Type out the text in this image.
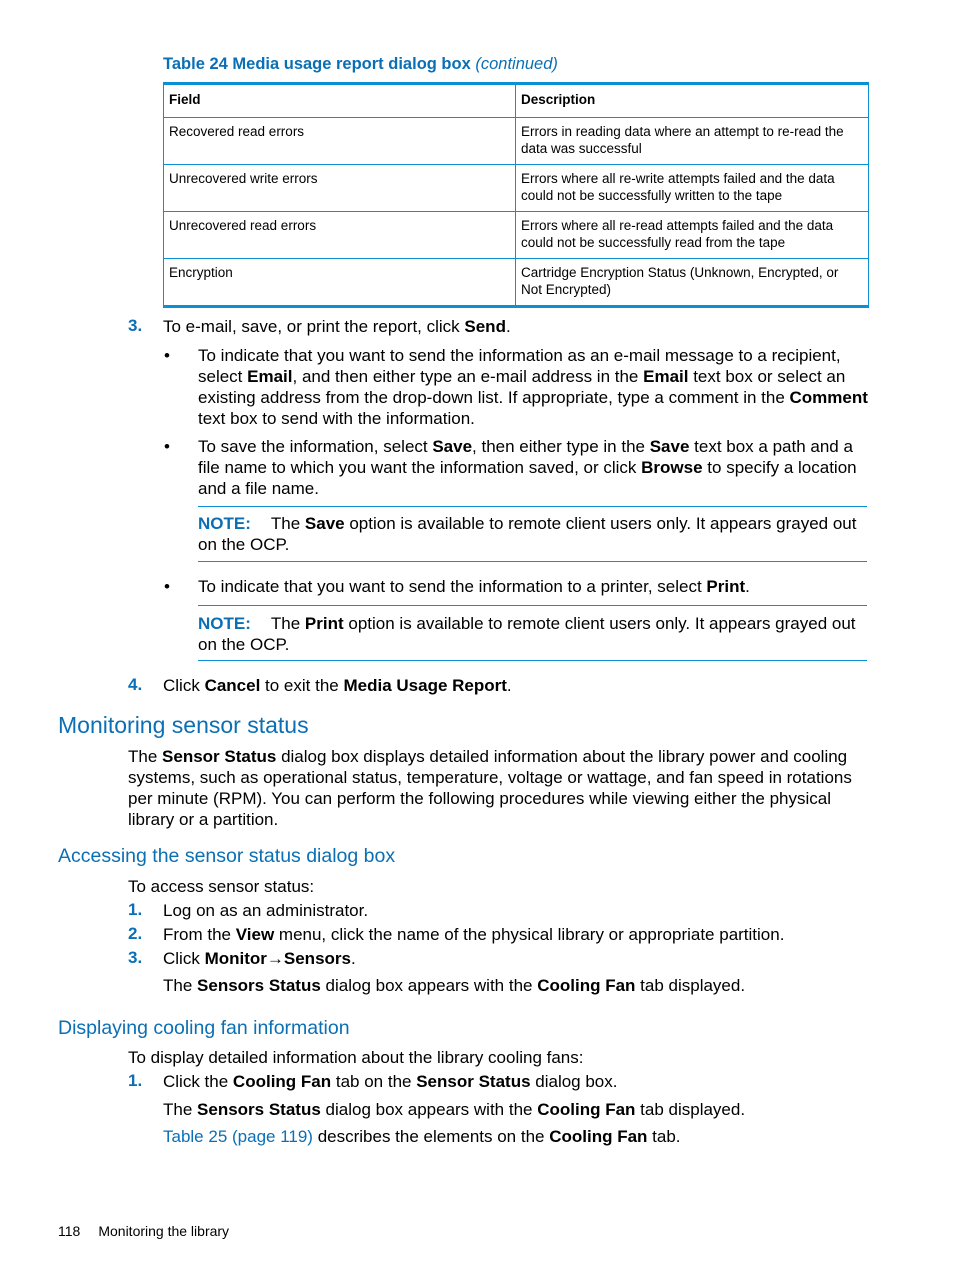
Table 24 Media usage report dialog box (continued)
Field	Description
Recovered read errors	Errors in reading data where an attempt to re-read the data was successful
Unrecovered write errors	Errors where all re-write attempts failed and the data could not be successfully written to the tape
Unrecovered read errors	Errors where all re-read attempts failed and the data could not be successfully read from the tape
Encryption	Cartridge Encryption Status (Unknown, Encrypted, or Not Encrypted)
3. To e-mail, save, or print the report, click Send.
• To indicate that you want to send the information as an e-mail message to a recipient, select Email, and then either type an e-mail address in the Email text box or select an existing address from the drop-down list. If appropriate, type a comment in the Comment text box to send with the information.
• To save the information, select Save, then either type in the Save text box a path and a file name to which you want the information saved, or click Browse to specify a location and a file name.
NOTE: The Save option is available to remote client users only. It appears grayed out on the OCP.
• To indicate that you want to send the information to a printer, select Print.
NOTE: The Print option is available to remote client users only. It appears grayed out on the OCP.
4. Click Cancel to exit the Media Usage Report.
Monitoring sensor status
The Sensor Status dialog box displays detailed information about the library power and cooling systems, such as operational status, temperature, voltage or wattage, and fan speed in rotations per minute (RPM). You can perform the following procedures while viewing either the physical library or a partition.
Accessing the sensor status dialog box
To access sensor status:
1. Log on as an administrator.
2. From the View menu, click the name of the physical library or appropriate partition.
3. Click Monitor→Sensors.
The Sensors Status dialog box appears with the Cooling Fan tab displayed.
Displaying cooling fan information
To display detailed information about the library cooling fans:
1. Click the Cooling Fan tab on the Sensor Status dialog box.
The Sensors Status dialog box appears with the Cooling Fan tab displayed.
Table 25 (page 119) describes the elements on the Cooling Fan tab.
118 Monitoring the library
